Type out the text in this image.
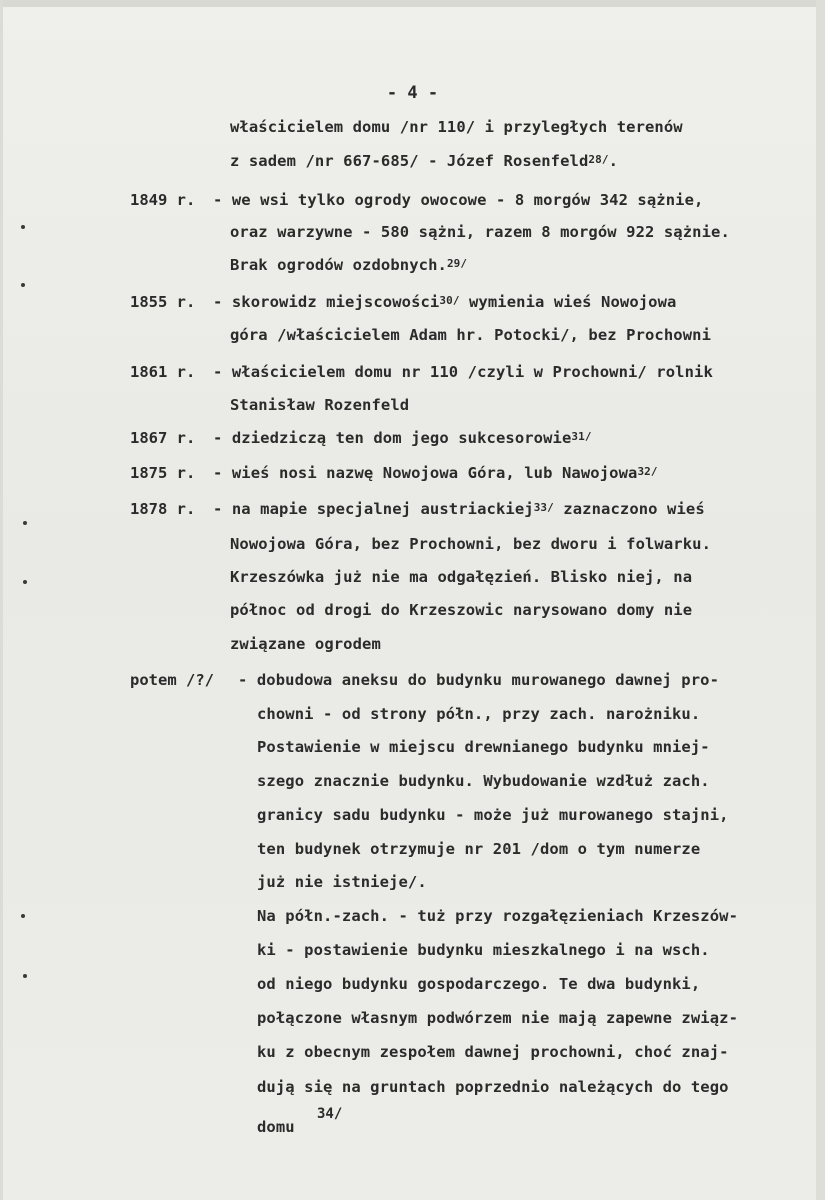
- 4 -
właścicielem domu /nr 110/ i przyległych terenów
z sadem /nr 667-685/ - Józef Rosenfeld$^{28/}$.
1849 r. - we wsi tylko ogrody owocowe - 8 morgów 342 sążnie,
oraz warzywne - 580 sążni, razem 8 morgów 922 sążnie.
Brak ogrodów ozdobnych.$^{29/}$
1855 r. - skorowidz miejscowości$^{30/}$ wymienia wieś Nowojowa
góra /właścicielem Adam hr. Potocki/, bez Prochowni
1861 r. - właścicielem domu nr 110 /czyli w Prochowni/ rolnik
Stanisław Rozenfeld
1867 r. - dziedziczą ten dom jego sukcesorowie$^{31/}$
1875 r. - wieś nosi nazwę Nowojowa Góra, lub Nawojowa$^{32/}$
1878 r. - na mapie specjalnej austriackiej$^{33/}$ zaznaczono wieś
Nowojowa Góra, bez Prochowni, bez dworu i folwarku.
Krzeszówka już nie ma odgałęzień. Blisko niej, na
północ od drogi do Krzeszowic narysowano domy nie
związane ogrodem
potem /?/ - dobudowa aneksu do budynku murowanego dawnej pro-
chowni - od strony półn., przy zach. narożniku.
Postawienie w miejscu drewnianego budynku mniej-
szego znacznie budynku. Wybudowanie wzdłuż zach.
granicy sadu budynku - może już murowanego stajni,
ten budynek otrzymuje nr 201 /dom o tym numerze
już nie istnieje/.
Na półn.-zach. - tuż przy rozgałęzieniach Krzeszów-
ki - postawienie budynku mieszkalnego i na wsch.
od niego budynku gospodarczego. Te dwa budynki,
połączone własnym podwórzem nie mają zapewne związ-
ku z obecnym zespołem dawnej prochowni, choć znaj-
dują się na gruntach poprzednio należących do tego
domu
34/
